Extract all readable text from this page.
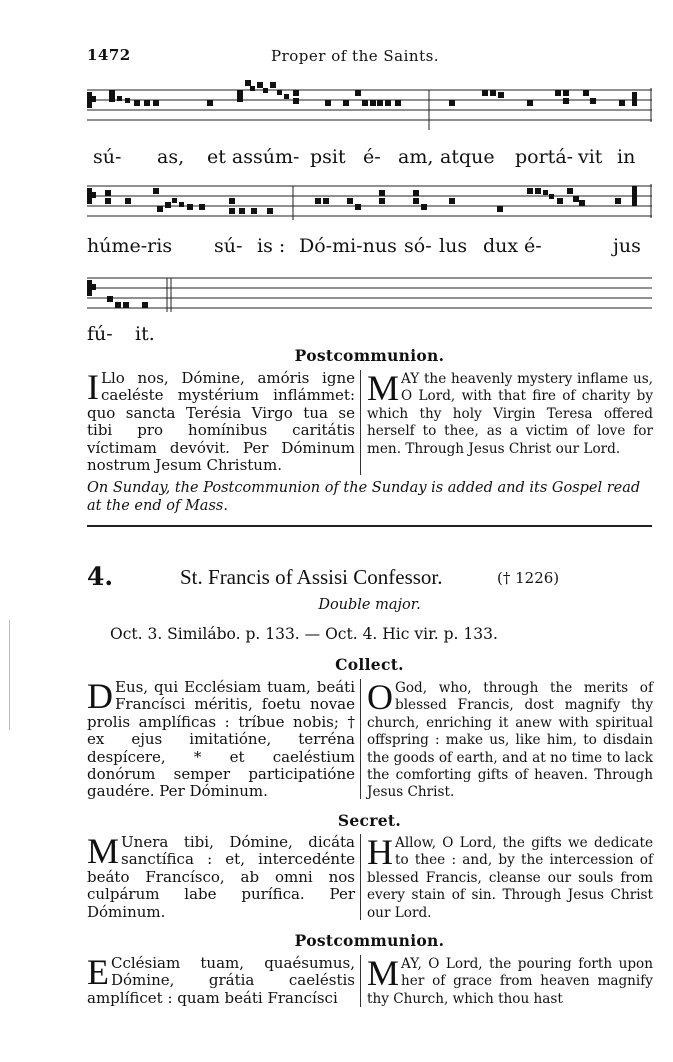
1472	Proper of the Saints.
sú- as, et assúm- psit é- am, atque portá- vit in
húme-ris sú- is : Dó-mi-nus só- lus dux é-	jus
fú- it.
Postcommunion.

I Llo nos, Dómine, amóris igne caeléste mystérium inflámmet: quo sancta Terésia Virgo tua se tibi pro homínibus caritátis víctimam devóvit. Per Dóminum nostrum Jesum Christum.

MAY the heavenly mystery inflame us, O Lord, with that fire of charity by which thy holy Virgin Teresa offered herself to thee, as a victim of love for men. Through Jesus Christ our Lord.

On Sunday, the Postcommunion of the Sunday is added and its Gospel read at the end of Mass.
4.	St. Francis of Assisi Confessor.	(† 1226)
Double major.
Oct. 3. Similábo. p. 133. — Oct. 4. Hic vir. p. 133.
Collect.

D Eus, qui Ecclésiam tuam, beáti Francísci méritis, foetu novae prolis amplíficas : tríbue nobis; † ex ejus imitatióne, terréna despícere, * et caeléstium donórum semper participatióne gaudére. Per Dóminum.

O God, who, through the merits of blessed Francis, dost magnify thy church, enriching it anew with spiritual offspring : make us, like him, to disdain the goods of earth, and at no time to lack the comforting gifts of heaven. Through Jesus Christ.

Secret.

M Unera tibi, Dómine, dicáta sanctífica : et, intercedénte beáto Francísco, ab omni nos culpárum labe purífica. Per Dóminum.

H Allow, O Lord, the gifts we dedicate to thee : and, by the intercession of blessed Francis, cleanse our souls from every stain of sin. Through Jesus Christ our Lord.

Postcommunion.

E Cclésiam tuam, quaésumus, Dómine, grátia caeléstis amplíficet : quam beáti Francísci

MAY, O Lord, the pouring forth upon her of grace from heaven magnify thy Church, which thou hast
